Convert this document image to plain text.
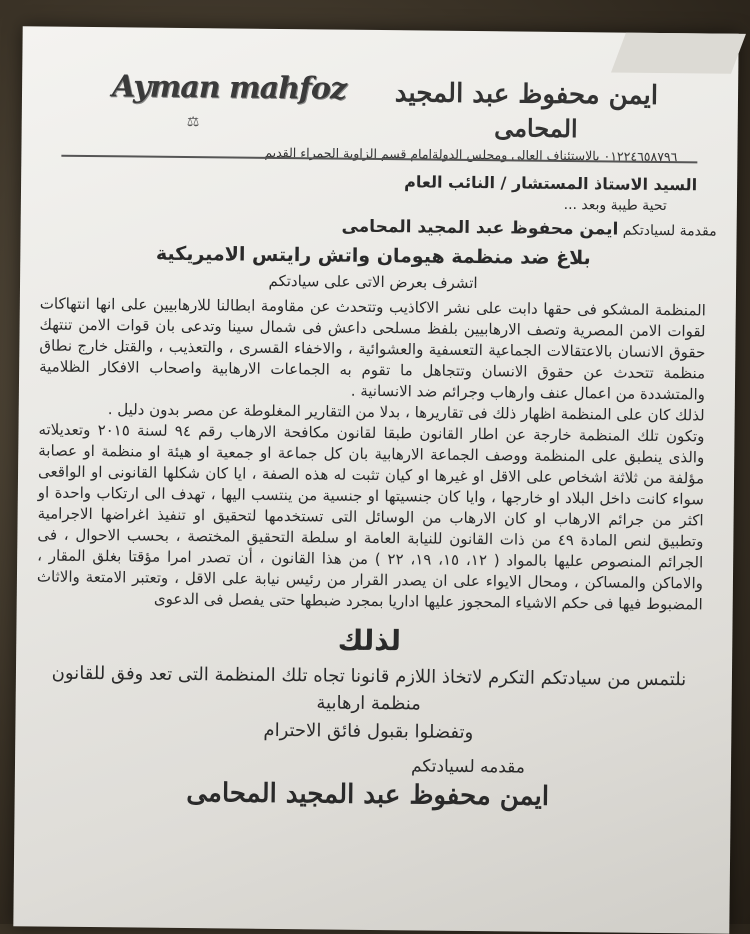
Ayman mahfoz
⚖
ايمن محفوظ عبد المجيد
المحامى
٠١٢٢٤٦٥٨٧٩٦ بالاستئناف العالى ومجلس الدولةامام قسم الزاوية الحمراء القديم

السيد الاستاذ المستشار / النائب العام

تحية طيبة وبعد ...

مقدمة لسيادتكم ايمن محفوظ عبد المجيد المحامى

بلاغ ضد منظمة هيومان واتش رايتس الاميريكية

اتشرف بعرض الاتى على سيادتكم

المنظمة المشكو فى حقها دابت على نشر الاكاذيب وتتحدث عن مقاومة ابطالنا للارهابيين على انها انتهاكات لقوات الامن المصرية وتصف الارهابيين بلفظ مسلحى داعش فى شمال سينا وتدعى بان قوات الامن تنتهك حقوق الانسان بالاعتقالات الجماعية التعسفية والعشوائية ، والاخفاء القسرى ، والتعذيب ، والقتل خارج نطاق منظمة تتحدث عن حقوق الانسان وتتجاهل ما تقوم به الجماعات الارهابية واصحاب الافكار الظلامية والمتشددة من اعمال عنف وارهاب وجرائم ضد الانسانية .

لذلك كان على المنظمة اظهار ذلك فى تقاريرها ، بدلا من التقارير المغلوطة عن مصر بدون دليل .

وتكون تلك المنظمة خارجة عن اطار القانون طبقا لقانون مكافحة الارهاب رقم ٩٤ لسنة ٢٠١٥ وتعديلاته والذى ينطبق على المنظمة ووصف الجماعة الارهابية بان كل جماعة او جمعية او هيئة او منظمة او عصابة مؤلفة من ثلاثة اشخاص على الاقل او غيرها او كيان تثبت له هذه الصفة ، ايا كان شكلها القانونى او الواقعى سواء كانت داخل البلاد او خارجها ، وايا كان جنسيتها او جنسية من ينتسب اليها ، تهدف الى ارتكاب واحدة او اكثر من جرائم الارهاب او كان الارهاب من الوسائل التى تستخدمها لتحقيق او تنفيذ اغراضها الاجرامية وتطبيق لنص المادة ٤٩ من ذات القانون للنيابة العامة او سلطة التحقيق المختصة ، بحسب الاحوال ، فى الجرائم المنصوص عليها بالمواد ( ١٢، ١٥، ١٩، ٢٢ ) من هذا القانون ، أن تصدر امرا مؤقتا بغلق المقار ، والاماكن والمساكن ، ومحال الايواء على ان يصدر القرار من رئيس نيابة على الاقل ، وتعتبر الامتعة والاثاث المضبوط فيها فى حكم الاشياء المحجوز عليها اداريا بمجرد ضبطها حتى يفصل فى الدعوى

لذلك

نلتمس من سيادتكم التكرم لاتخاذ اللازم قانونا تجاه تلك المنظمة التى تعد وفق للقانون منظمة ارهابية

وتفضلوا بقبول فائق الاحترام

مقدمه لسيادتكم

ايمن محفوظ عبد المجيد المحامى
